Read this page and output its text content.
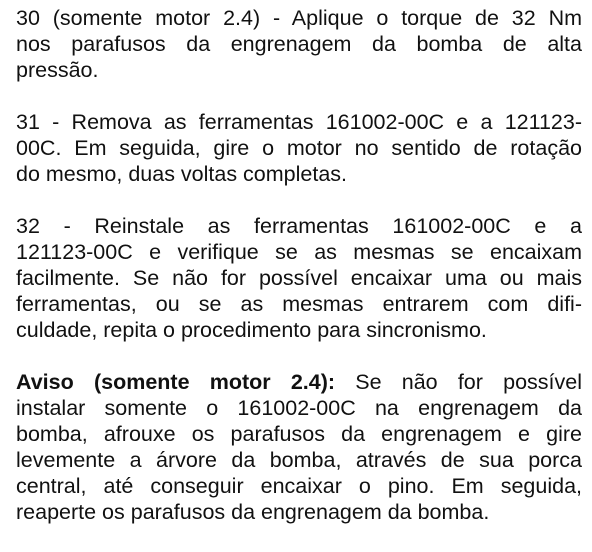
30 (somente motor 2.4) - Aplique o torque de 32 Nm
nos parafusos da engrenagem da bomba de alta
pressão.
31 - Remova as ferramentas 161002-00C e a 121123-
00C. Em seguida, gire o motor no sentido de rotação
do mesmo, duas voltas completas.
32 - Reinstale as ferramentas 161002-00C e a
121123-00C e verifique se as mesmas se encaixam
facilmente. Se não for possível encaixar uma ou mais
ferramentas, ou se as mesmas entrarem com difi-
culdade, repita o procedimento para sincronismo.
Aviso (somente motor 2.4): Se não for possível
instalar somente o 161002-00C na engrenagem da
bomba, afrouxe os parafusos da engrenagem e gire
levemente a árvore da bomba, através de sua porca
central, até conseguir encaixar o pino. Em seguida,
reaperte os parafusos da engrenagem da bomba.
